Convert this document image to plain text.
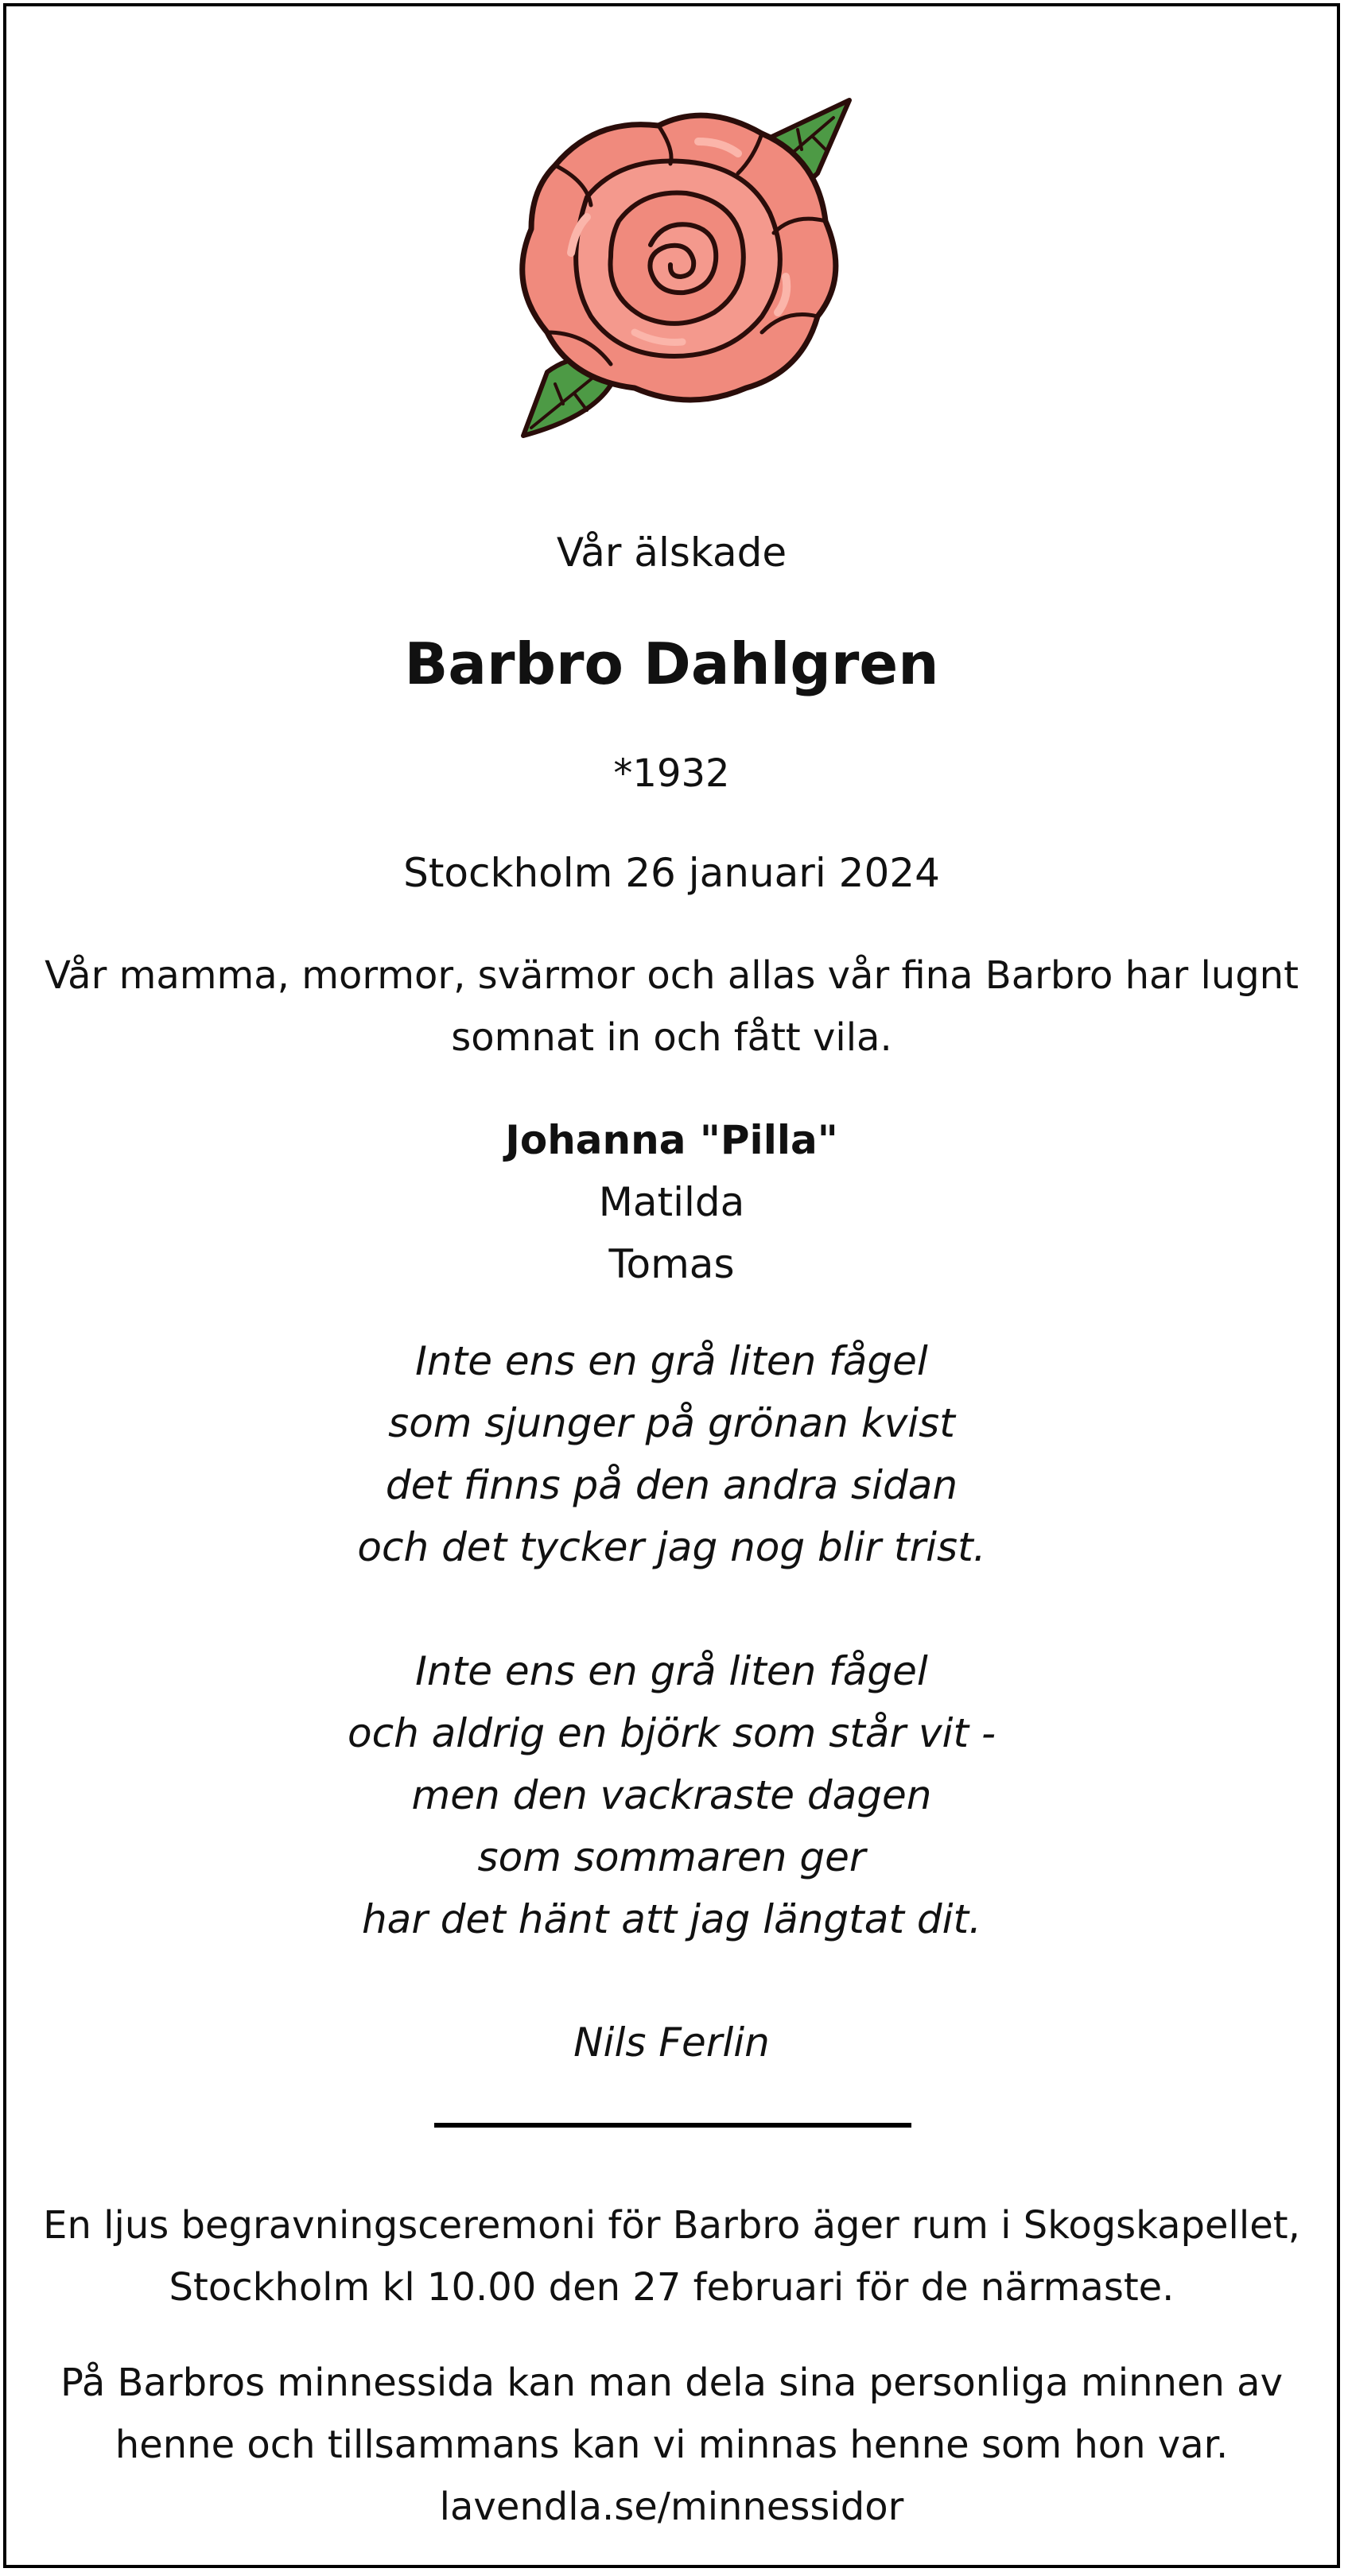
Vår älskade
Barbro Dahlgren
*1932
Stockholm 26 januari 2024
Vår mamma, mormor, svärmor och allas vår fina Barbro har lugnt
somnat in och fått vila.
Johanna "Pilla"
Matilda
Tomas
Inte ens en grå liten fågel
som sjunger på grönan kvist
det finns på den andra sidan
och det tycker jag nog blir trist.
Inte ens en grå liten fågel
och aldrig en björk som står vit -
men den vackraste dagen
som sommaren ger
har det hänt att jag längtat dit.
Nils Ferlin
En ljus begravningsceremoni för Barbro äger rum i Skogskapellet,
Stockholm kl 10.00 den 27 februari för de närmaste.
På Barbros minnessida kan man dela sina personliga minnen av
henne och tillsammans kan vi minnas henne som hon var.
lavendla.se/minnessidor
